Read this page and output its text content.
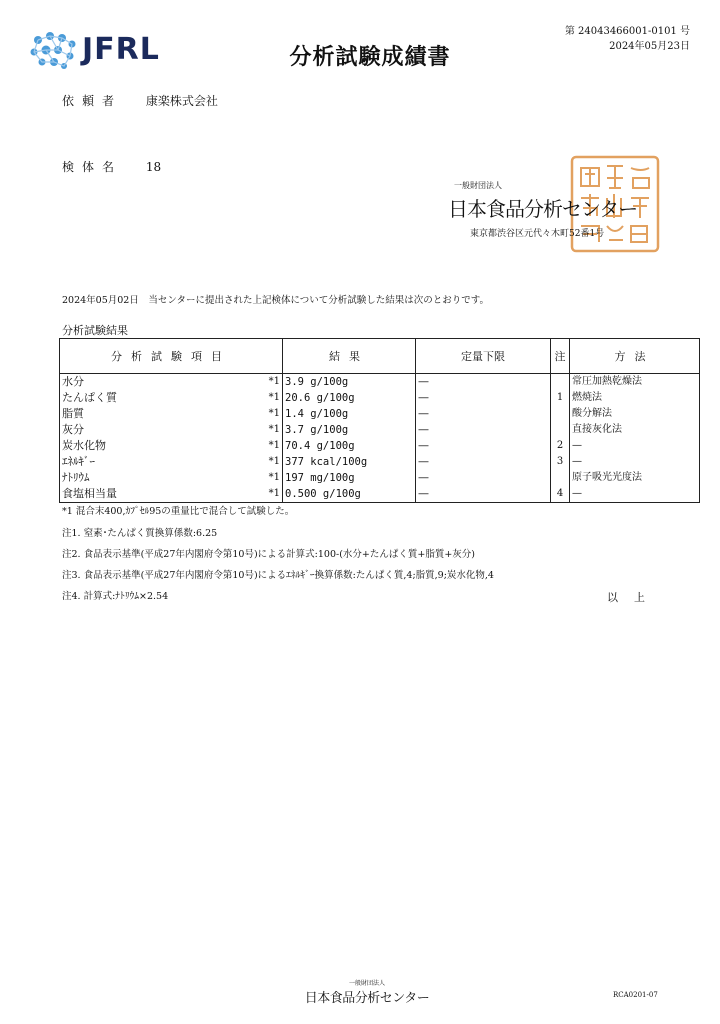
JFRL	分析試験成績書
第 24043466001-0101 号
2024年05月23日
依頼者 康楽株式会社
検体名 18
一般財団法人
日本食品分析センター
東京都渋谷区元代々木町52番1号
2024年05月02日　当センターに提出された上記検体について分析試験した結果は次のとおりです。
分析試験結果
分析試験項目	結果	定量下限	注	方法
水分 *1	3.9 g/100g	—		常圧加熱乾燥法
たんぱく質 *1	20.6 g/100g	—	1	燃焼法
脂質 *1	1.4 g/100g	—		酸分解法
灰分 *1	3.7 g/100g	—		直接灰化法
炭水化物 *1	70.4 g/100g	—	2	—
ｴﾈﾙｷﾞｰ *1	377 kcal/100g	—	3	—
ﾅﾄﾘｳﾑ *1	197 mg/100g	—		原子吸光光度法
食塩相当量 *1	0.500 g/100g	—	4	—
*1 混合末400,ｶﾌﾟｾﾙ95の重量比で混合して試験した。
注1. 窒素･たんぱく質換算係数:6.25
注2. 食品表示基準(平成27年内閣府令第10号)による計算式:100-(水分+たんぱく質+脂質+灰分)
注3. 食品表示基準(平成27年内閣府令第10号)によるｴﾈﾙｷﾞｰ換算係数:たんぱく質,4;脂質,9;炭水化物,4
注4. 計算式:ﾅﾄﾘｳﾑ×2.54	以上
一般財団法人
日本食品分析センター	RCA0201-07
